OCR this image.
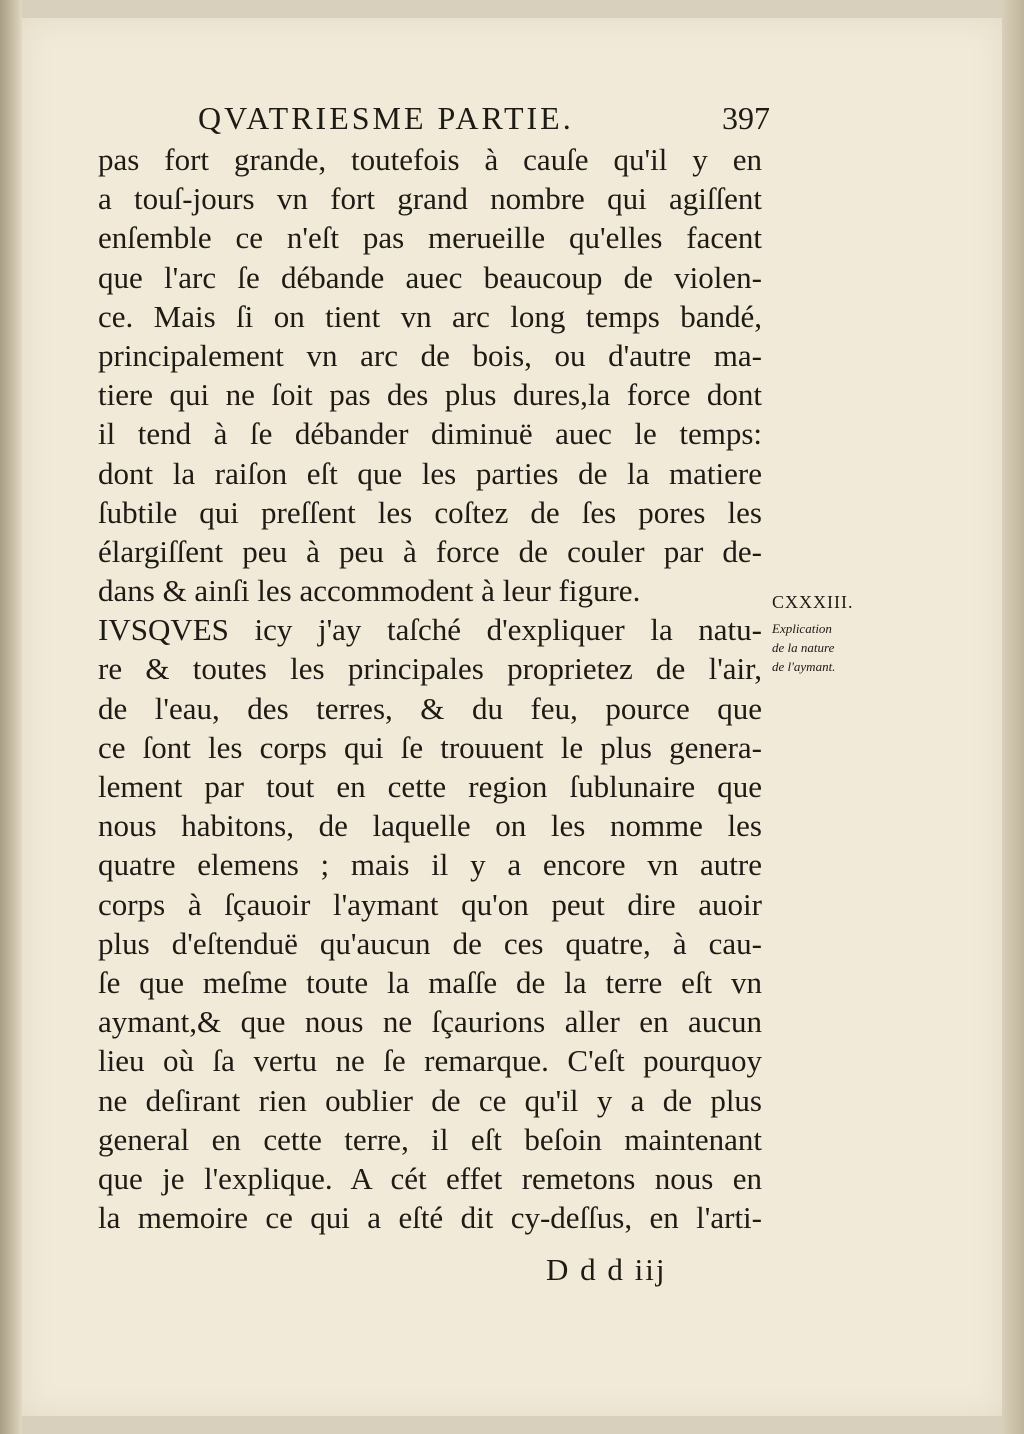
QVATRIESME PARTIE.	397
pas fort grande, toutefois à cauſe qu'il y en
a touſ-jours vn fort grand nombre qui agiſſent
enſemble ce n'eſt pas merueille qu'elles facent
que l'arc ſe débande auec beaucoup de violen-
ce. Mais ſi on tient vn arc long temps bandé,
principalement vn arc de bois, ou d'autre ma-
tiere qui ne ſoit pas des plus dures,la force dont
il tend à ſe débander diminuë auec le temps:
dont la raiſon eſt que les parties de la matiere
ſubtile qui preſſent les coſtez de ſes pores les
élargiſſent peu à peu à force de couler par de-
dans & ainſi les accommodent à leur figure.
IVSQVES icy j'ay taſché d'expliquer la natu-
re & toutes les principales proprietez de l'air,
de l'eau, des terres, & du feu, pource que
ce ſont les corps qui ſe trouuent le plus genera-
lement par tout en cette region ſublunaire que
nous habitons, de laquelle on les nomme les
quatre elemens ; mais il y a encore vn autre
corps à ſçauoir l'aymant qu'on peut dire auoir
plus d'eſtenduë qu'aucun de ces quatre, à cau-
ſe que meſme toute la maſſe de la terre eſt vn
aymant,& que nous ne ſçaurions aller en aucun
lieu où ſa vertu ne ſe remarque. C'eſt pourquoy
ne deſirant rien oublier de ce qu'il y a de plus
general en cette terre, il eſt beſoin maintenant
que je l'explique. A cét effet remetons nous en
la memoire ce qui a eſté dit cy-deſſus, en l'arti-
CXXXIII.
Explication
de la nature
de l'aymant.
D d d iij
